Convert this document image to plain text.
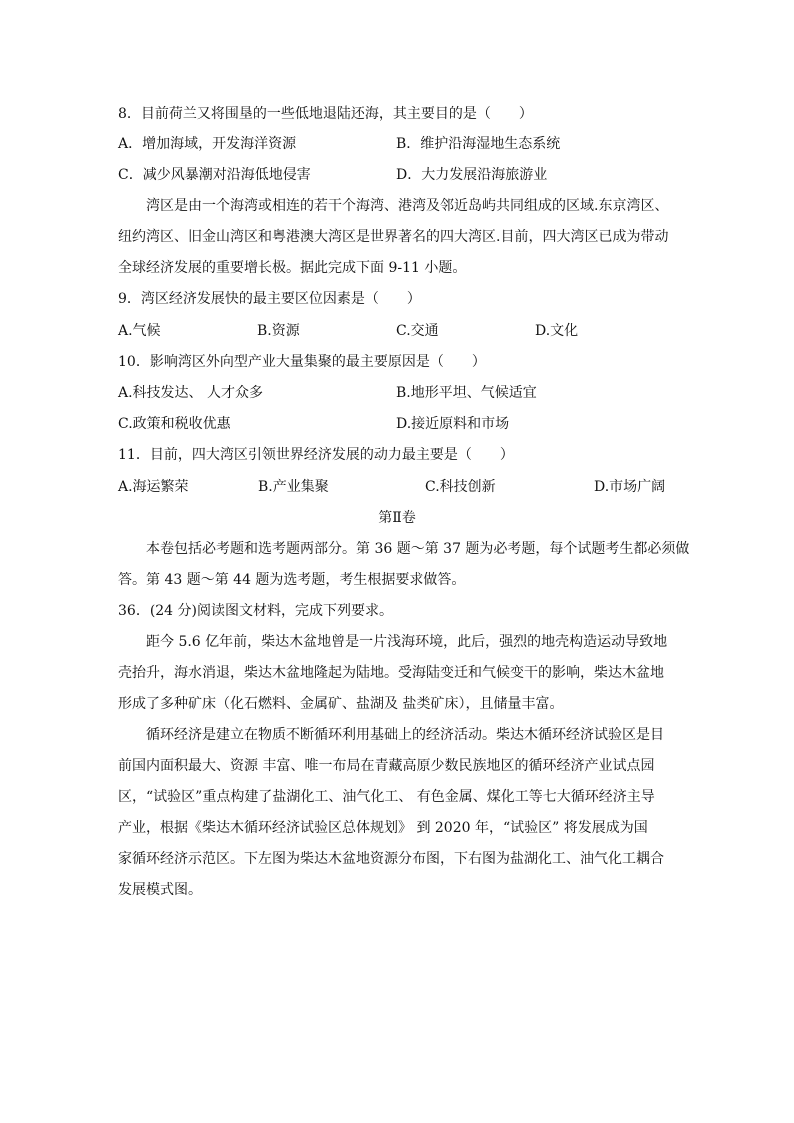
8．目前荷兰又将围垦的一些低地退陆还海，其主要目的是（　　）
A．增加海域，开发海洋资源	B．维护沿海湿地生态系统
C．减少风暴潮对沿海低地侵害	D．大力发展沿海旅游业
湾区是由一个海湾或相连的若干个海湾、港湾及邻近岛屿共同组成的区域.东京湾区、
纽约湾区、旧金山湾区和粤港澳大湾区是世界著名的四大湾区.目前，四大湾区已成为带动
全球经济发展的重要增长极。据此完成下面 9-11 小题。
9．湾区经济发展快的最主要区位因素是（　　）
A.气候	B.资源	C.交通	D.文化
10．影响湾区外向型产业大量集聚的最主要原因是（　　）
A.科技发达、 人才众多	B.地形平坦、气候适宜
C.政策和税收优惠	D.接近原料和市场
11．目前，四大湾区引领世界经济发展的动力最主要是（　　）
A.海运繁荣	B.产业集聚	C.科技创新	D.市场广阔
第Ⅱ卷
本卷包括必考题和选考题两部分。第 36 题～第 37 题为必考题，每个试题考生都必须做
答。第 43 题～第 44 题为选考题，考生根据要求做答。
36．(24 分)阅读图文材料，完成下列要求。
距今 5.6 亿年前，柴达木盆地曾是一片浅海环境，此后，强烈的地壳构造运动导致地
壳抬升，海水消退，柴达木盆地隆起为陆地。受海陆变迁和气候变干的影响，柴达木盆地
形成了多种矿床（化石燃料、金属矿、盐湖及 盐类矿床），且储量丰富。
循环经济是建立在物质不断循环利用基础上的经济活动。柴达木循环经济试验区是目
前国内面积最大、资源 丰富、唯一布局在青藏高原少数民族地区的循环经济产业试点园
区，“试验区”重点构建了盐湖化工、油气化工、 有色金属、煤化工等七大循环经济主导
产业，根据《柴达木循环经济试验区总体规划》 到 2020 年，“试验区” 将发展成为国
家循环经济示范区。下左图为柴达木盆地资源分布图，下右图为盐湖化工、油气化工耦合
发展模式图。
